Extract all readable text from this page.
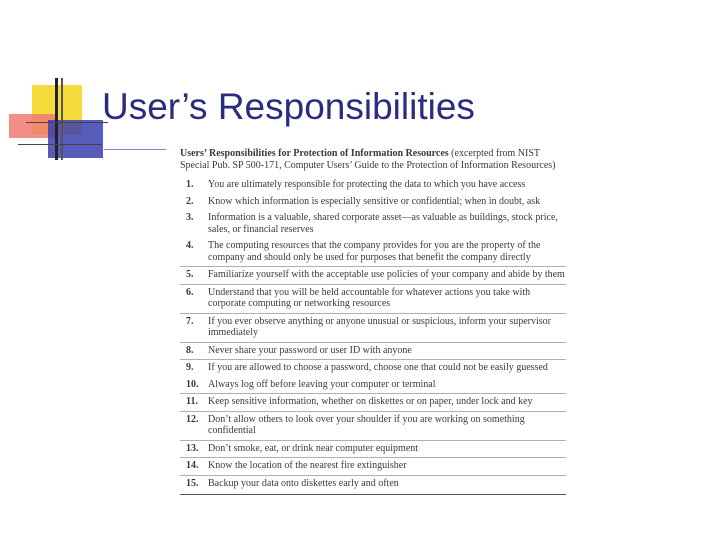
User’s Responsibilities
Users’ Responsibilities for Protection of Information Resources (excerpted from NIST Special Pub. SP 500-171, Computer Users’ Guide to the Protection of Information Resources)
1.	You are ultimately responsible for protecting the data to which you have access
2.	Know which information is especially sensitive or confidential; when in doubt, ask
3.	Information is a valuable, shared corporate asset—as valuable as buildings, stock price, sales, or financial reserves
4.	The computing resources that the company provides for you are the property of the company and should only be used for purposes that benefit the company directly
5.	Familiarize yourself with the acceptable use policies of your company and abide by them
6.	Understand that you will be held accountable for whatever actions you take with corporate computing or networking resources
7.	If you ever observe anything or anyone unusual or suspicious, inform your supervisor immediately
8.	Never share your password or user ID with anyone
9.	If you are allowed to choose a password, choose one that could not be easily guessed
10. Always log off before leaving your computer or terminal
11.	Keep sensitive information, whether on diskettes or on paper, under lock and key
12. Don’t allow others to look over your shoulder if you are working on something confidential
13. Don’t smoke, eat, or drink near computer equipment
14. Know the location of the nearest fire extinguisher
15. Backup your data onto diskettes early and often
